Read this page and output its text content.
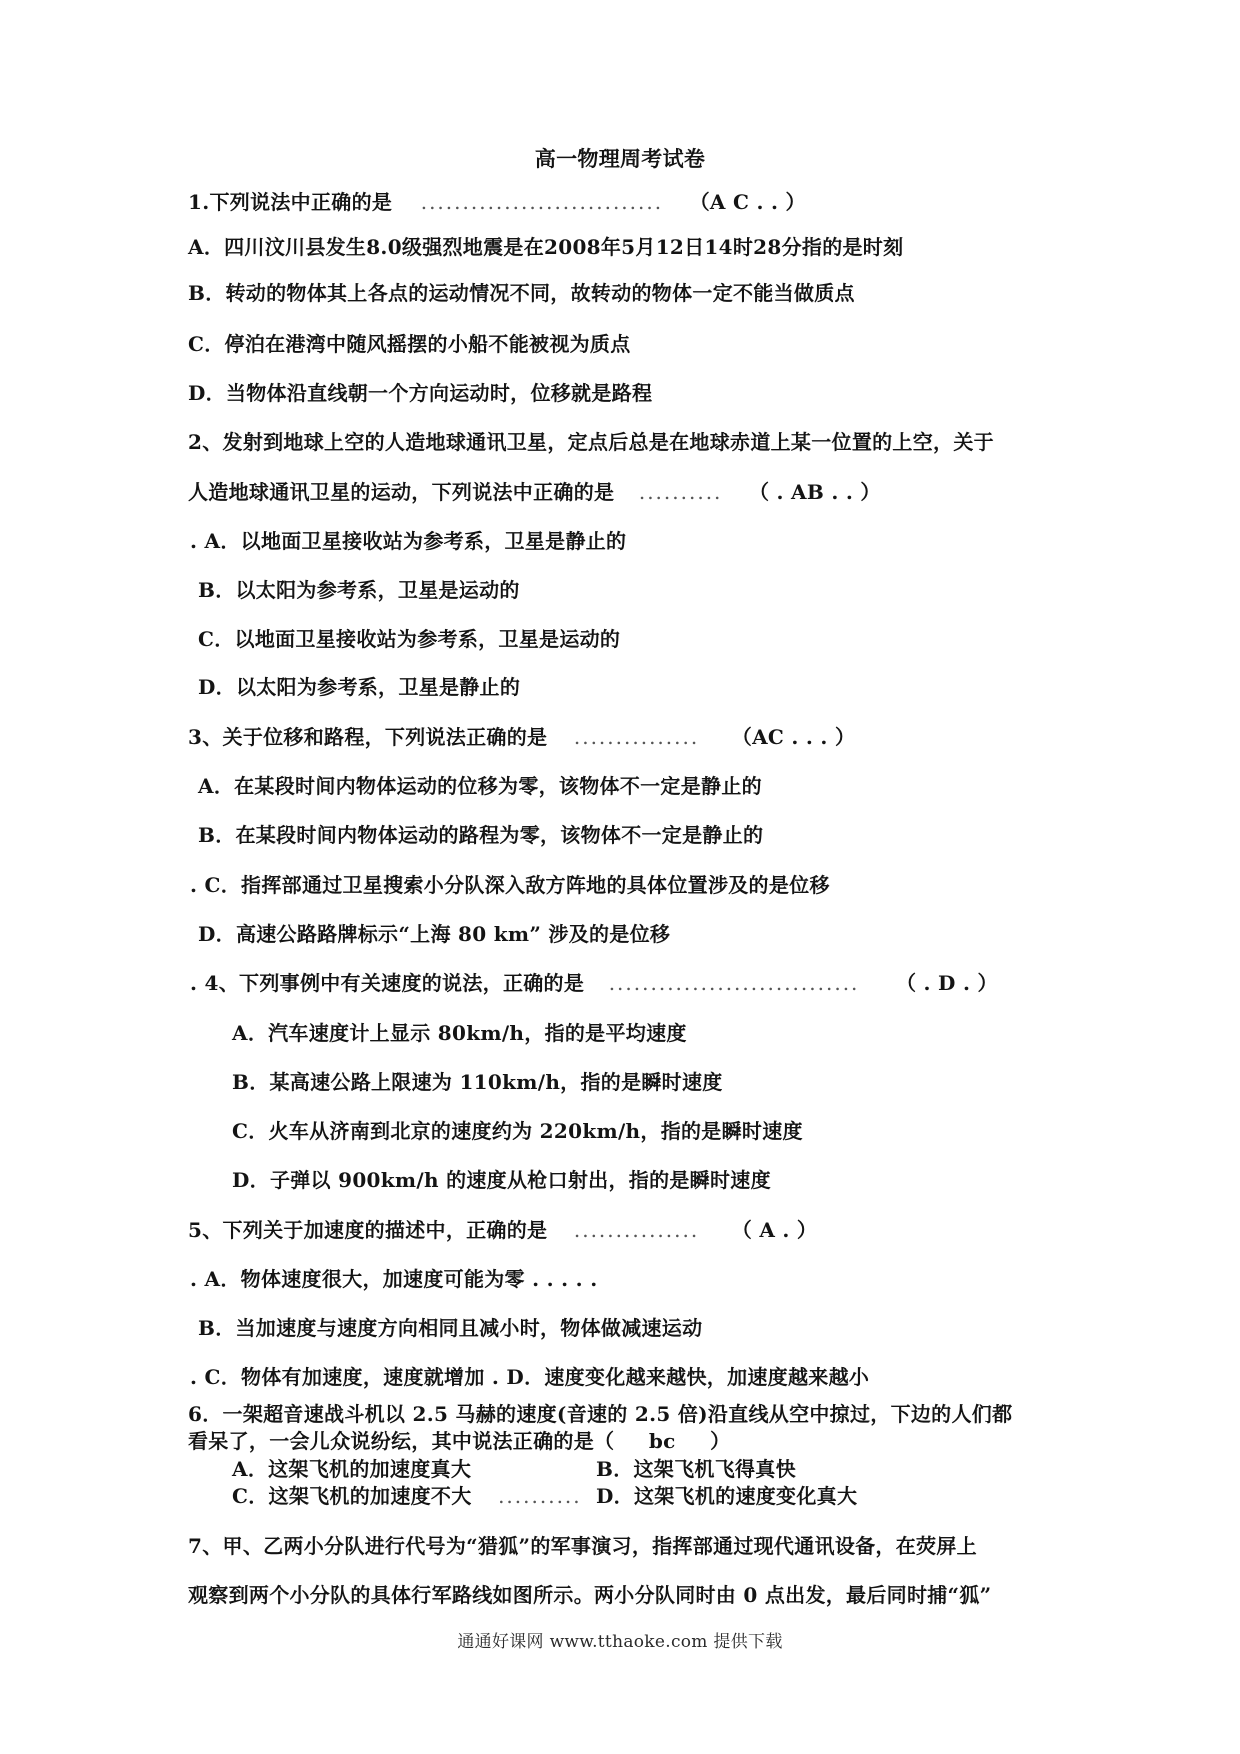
高一物理周考试卷
1.下列说法中正确的是 ............................. （A C . . ）
A．四川汶川县发生8.0级强烈地震是在2008年5月12日14时28分指的是时刻
B．转动的物体其上各点的运动情况不同，故转动的物体一定不能当做质点
C．停泊在港湾中随风摇摆的小船不能被视为质点
D．当物体沿直线朝一个方向运动时，位移就是路程
2、发射到地球上空的人造地球通讯卫星，定点后总是在地球赤道上某一位置的上空，关于
人造地球通讯卫星的运动，下列说法中正确的是 .......... （ . AB . . ）
. A．以地面卫星接收站为参考系，卫星是静止的
B．以太阳为参考系，卫星是运动的
C．以地面卫星接收站为参考系，卫星是运动的
D．以太阳为参考系，卫星是静止的
3、关于位移和路程，下列说法正确的是 ............... （AC . . . ）
A．在某段时间内物体运动的位移为零，该物体不一定是静止的
B．在某段时间内物体运动的路程为零，该物体不一定是静止的
. C．指挥部通过卫星搜索小分队深入敌方阵地的具体位置涉及的是位移
D．高速公路路牌标示“上海 80 km” 涉及的是位移
. 4、下列事例中有关速度的说法，正确的是 .............................. （ . D . ）
A．汽车速度计上显示 80km/h，指的是平均速度
B．某高速公路上限速为 110km/h，指的是瞬时速度
C．火车从济南到北京的速度约为 220km/h，指的是瞬时速度
D．子弹以 900km/h 的速度从枪口射出，指的是瞬时速度
5、下列关于加速度的描述中，正确的是 ............... （ A . ）
. A．物体速度很大，加速度可能为零 . . . . .
B．当加速度与速度方向相同且减小时，物体做减速运动
. C．物体有加速度，速度就增加 . D．速度变化越来越快，加速度越来越小
6．一架超音速战斗机以 2.5 马赫的速度(音速的 2.5 倍)沿直线从空中掠过，下边的人们都
看呆了，一会儿众说纷纭，其中说法正确的是（ bc ）
A．这架飞机的加速度真大	B．这架飞机飞得真快
C．这架飞机的加速度不大 .......... D．这架飞机的速度变化真大
7、甲、乙两小分队进行代号为“猎狐”的军事演习，指挥部通过现代通讯设备，在荧屏上
观察到两个小分队的具体行军路线如图所示。两小分队同时由 0 点出发，最后同时捕“狐”
通通好课网 www.tthaoke.com 提供下载
